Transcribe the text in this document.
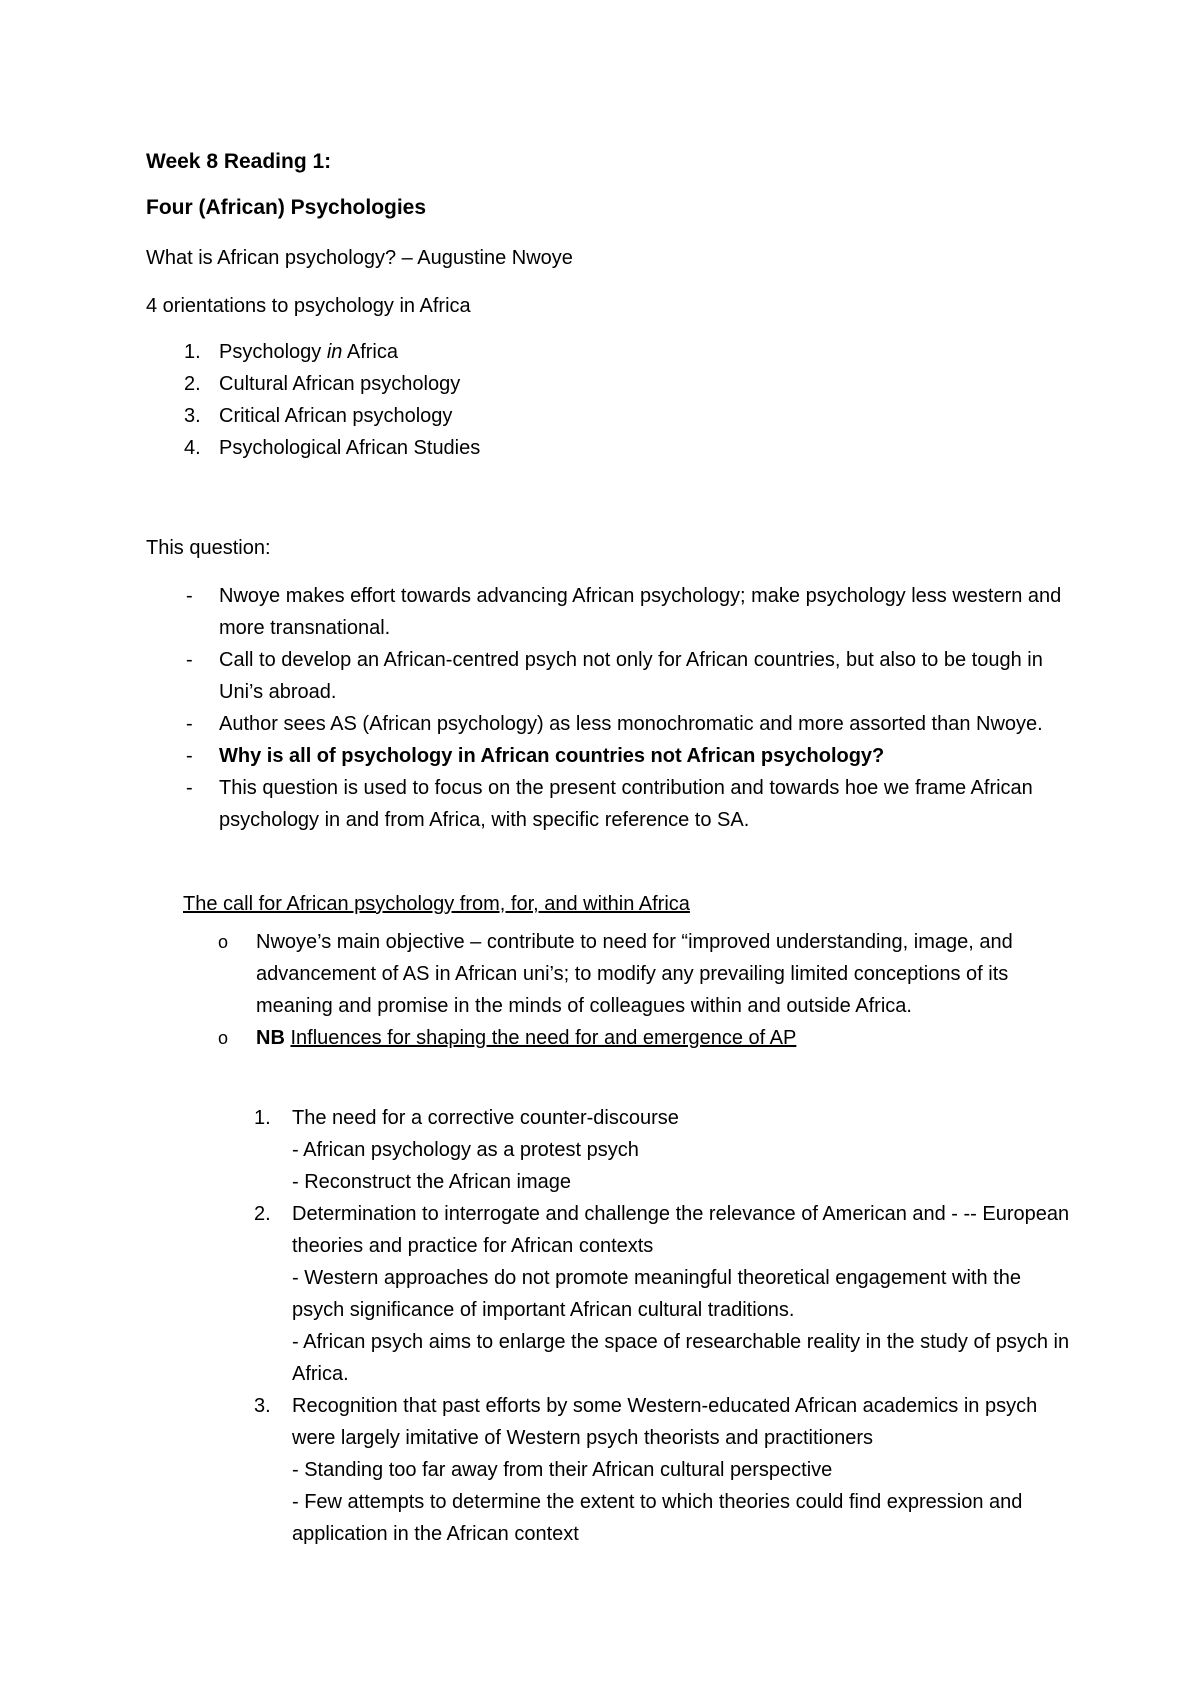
Week 8 Reading 1:
Four (African) Psychologies
What is African psychology? – Augustine Nwoye
4 orientations to psychology in Africa
1. Psychology in Africa
2. Cultural African psychology
3. Critical African psychology
4. Psychological African Studies
This question:
- Nwoye makes effort towards advancing African psychology; make psychology less western and more transnational.
- Call to develop an African-centred psych not only for African countries, but also to be tough in Uni’s abroad.
- Author sees AS (African psychology) as less monochromatic and more assorted than Nwoye.
- Why is all of psychology in African countries not African psychology?
- This question is used to focus on the present contribution and towards hoe we frame African psychology in and from Africa, with specific reference to SA.
The call for African psychology from, for, and within Africa
o Nwoye’s main objective – contribute to need for “improved understanding, image, and advancement of AS in African uni’s; to modify any prevailing limited conceptions of its meaning and promise in the minds of colleagues within and outside Africa.
o NB Influences for shaping the need for and emergence of AP
1. The need for a corrective counter-discourse
- African psychology as a protest psych
- Reconstruct the African image
2. Determination to interrogate and challenge the relevance of American and - -- European theories and practice for African contexts
- Western approaches do not promote meaningful theoretical engagement with the psych significance of important African cultural traditions.
- African psych aims to enlarge the space of researchable reality in the study of psych in Africa.
3. Recognition that past efforts by some Western-educated African academics in psych were largely imitative of Western psych theorists and practitioners
- Standing too far away from their African cultural perspective
- Few attempts to determine the extent to which theories could find expression and application in the African context
